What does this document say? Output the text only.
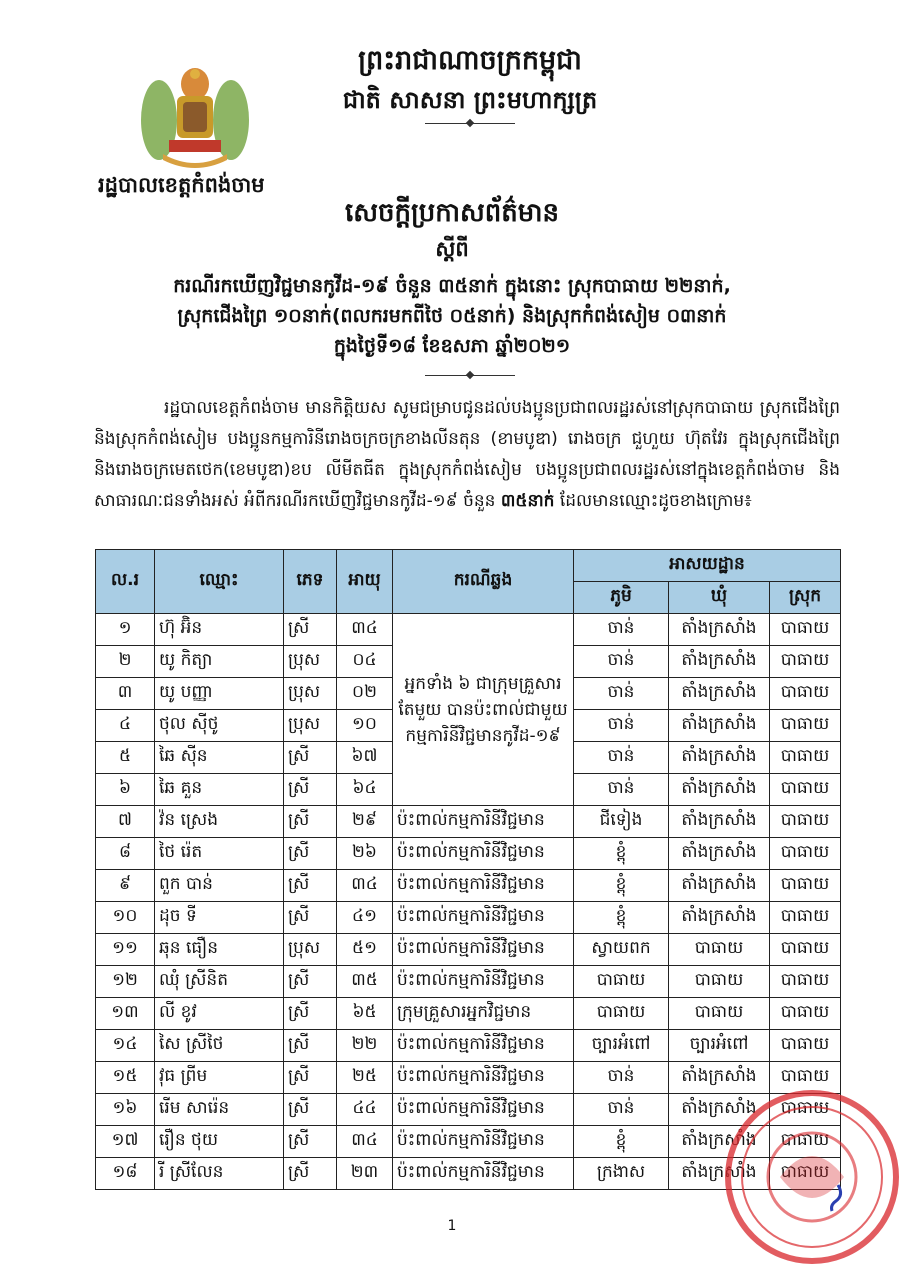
រដ្ឋបាលខេត្តកំពង់ចាម
ព្រះរាជាណាចក្រកម្ពុជា
ជាតិ សាសនា ព្រះមហាក្សត្រ
សេចក្តីប្រកាសព័ត៌មាន
ស្តីពី
ករណីរកឃើញវិជ្ជមានកូវីដ-១៩ ចំនួន ៣៥នាក់ ក្នុងនោះ ស្រុកបាធាយ ២២នាក់,
ស្រុកជើងព្រៃ ១០នាក់(ពលករមកពីថៃ ០៥នាក់) និងស្រុកកំពង់សៀម ០៣នាក់
ក្នុងថ្ងៃទី១៨ ខែឧសភា ឆ្នាំ២០២១
រដ្ឋបាលខេត្តកំពង់ចាម មានកិត្តិយស សូមជម្រាបជូនដល់បងប្អូនប្រជាពលរដ្ឋរស់នៅស្រុកបាធាយ ស្រុកជើងព្រៃ និងស្រុកកំពង់សៀម បងប្អូនកម្មការិនីរោងចក្រចក្រខាងលីនតុន (ខាមបូឌា) រោងចក្រ ជួហួយ ហ៊ុតវែរ ក្នុងស្រុកជើងព្រៃ និងរោងចក្រមេតថេក(ខេមបូឌា)ខប លីមីតធីត ក្នុងស្រុកកំពង់សៀម បងប្អូនប្រជាពលរដ្ឋរស់នៅក្នុងខេត្តកំពង់ចាម និងសាធារណៈជនទាំងអស់ អំពីករណីរកឃើញវិជ្ជមានកូវីដ-១៩ ចំនួន ៣៥នាក់ ដែលមានឈ្មោះដូចខាងក្រោម៖
ល.រ	ឈ្មោះ	ភេទ	អាយុ	ករណីឆ្លង	អាសយដ្ឋាន		
					ភូមិ	ឃុំ	ស្រុក
១	ហ៊ុ អ៊ិន	ស្រី	៣៤	អ្នកទាំង ៦ ជាក្រុមគ្រួសារតែមួយ បានប៉ះពាល់ជាមួយកម្មការិនីវិជ្ជមានកូវីដ-១៩	ចាន់	តាំងក្រសាំង	បាធាយ
២	យូ កិត្យា	ប្រុស	០៤		ចាន់	តាំងក្រសាំង	បាធាយ
៣	យូ បញ្ញា	ប្រុស	០២		ចាន់	តាំងក្រសាំង	បាធាយ
៤	ថុល ស៊ីថូ	ប្រុស	១០		ចាន់	តាំងក្រសាំង	បាធាយ
៥	ឆៃ ស៊ីន	ស្រី	៦៧		ចាន់	តាំងក្រសាំង	បាធាយ
៦	ឆៃ គួន	ស្រី	៦៤		ចាន់	តាំងក្រសាំង	បាធាយ
៧	វ៉ន ស្រេង	ស្រី	២៩	ប៉ះពាល់កម្មការិនីវិជ្ជមាន	ជីទៀង	តាំងក្រសាំង	បាធាយ
៨	ថៃ រ៉េត	ស្រី	២៦	ប៉ះពាល់កម្មការិនីវិជ្ជមាន	ខ្ពុំ	តាំងក្រសាំង	បាធាយ
៩	ពួក បាន់	ស្រី	៣៤	ប៉ះពាល់កម្មការិនីវិជ្ជមាន	ខ្ពុំ	តាំងក្រសាំង	បាធាយ
១០	ដុច ទី	ស្រី	៤១	ប៉ះពាល់កម្មការិនីវិជ្ជមាន	ខ្ពុំ	តាំងក្រសាំង	បាធាយ
១១	ឆុន ធឿន	ប្រុស	៥១	ប៉ះពាល់កម្មការិនីវិជ្ជមាន	ស្វាយពក	បាធាយ	បាធាយ
១២	ឈុំ ស្រីនិត	ស្រី	៣៥	ប៉ះពាល់កម្មការិនីវិជ្ជមាន	បាធាយ	បាធាយ	បាធាយ
១៣	លី ខូវ	ស្រី	៦៥	ក្រុមគ្រួសារអ្នកវិជ្ជមាន	បាធាយ	បាធាយ	បាធាយ
១៤	សៃ ស្រីថៃ	ស្រី	២២	ប៉ះពាល់កម្មការិនីវិជ្ជមាន	ច្បារអំពៅ	ច្បារអំពៅ	បាធាយ
១៥	វុធ ព្រីម	ស្រី	២៥	ប៉ះពាល់កម្មការិនីវិជ្ជមាន	ចាន់	តាំងក្រសាំង	បាធាយ
១៦	រើម សារ៉េន	ស្រី	៤៤	ប៉ះពាល់កម្មការិនីវិជ្ជមាន	ចាន់	តាំងក្រសាំង	បាធាយ
១៧	រឿន ថុយ	ស្រី	៣៤	ប៉ះពាល់កម្មការិនីវិជ្ជមាន	ខ្ពុំ	តាំងក្រសាំង	បាធាយ
១៨	រី ស្រីលែន	ស្រី	២៣	ប៉ះពាល់កម្មការិនីវិជ្ជមាន	ក្រងាស	តាំងក្រសាំង	បាធាយ
1
